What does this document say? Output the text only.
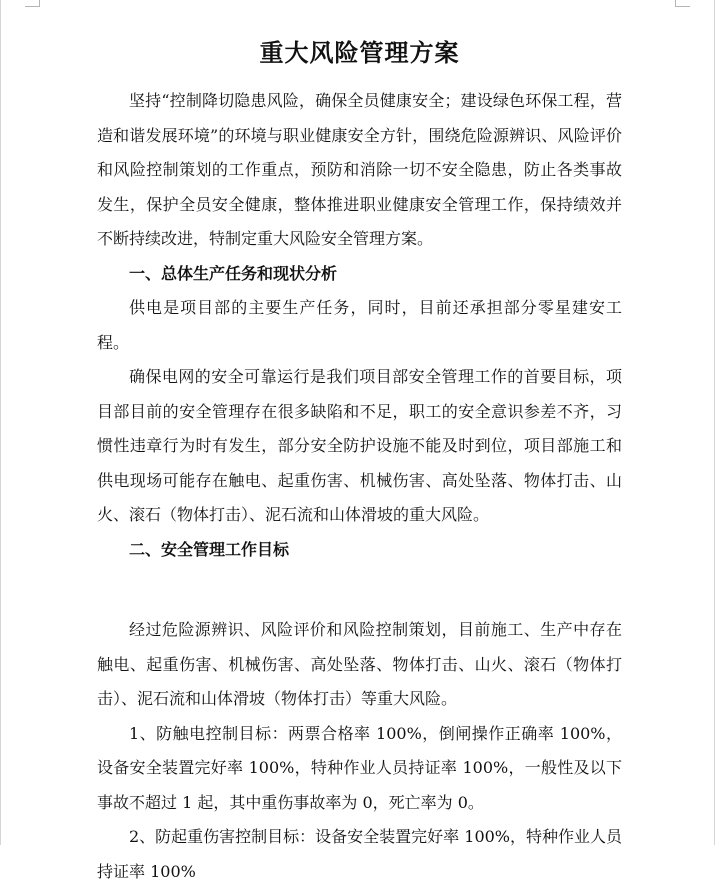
重大风险管理方案

坚持“控制降切隐患风险，确保全员健康安全；建设绿色环保工程，营造和谐发展环境”的环境与职业健康安全方针，围绕危险源辨识、风险评价和风险控制策划的工作重点，预防和消除一切不安全隐患，防止各类事故发生，保护全员安全健康，整体推进职业健康安全管理工作，保持绩效并不断持续改进，特制定重大风险安全管理方案。

一、总体生产任务和现状分析

供电是项目部的主要生产任务，同时，目前还承担部分零星建安工程。

确保电网的安全可靠运行是我们项目部安全管理工作的首要目标，项目部目前的安全管理存在很多缺陷和不足，职工的安全意识参差不齐，习惯性违章行为时有发生，部分安全防护设施不能及时到位，项目部施工和供电现场可能存在触电、起重伤害、机械伤害、高处坠落、物体打击、山火、滚石（物体打击）、泥石流和山体滑坡的重大风险。

二、安全管理工作目标

经过危险源辨识、风险评价和风险控制策划，目前施工、生产中存在触电、起重伤害、机械伤害、高处坠落、物体打击、山火、滚石（物体打击）、泥石流和山体滑坡（物体打击）等重大风险。

1、防触电控制目标：两票合格率 100%，倒闸操作正确率 100%，设备安全装置完好率 100%，特种作业人员持证率 100%，一般性及以下事故不超过 1 起，其中重伤事故率为 0，死亡率为 0。

2、防起重伤害控制目标：设备安全装置完好率 100%，特种作业人员持证率 100%
